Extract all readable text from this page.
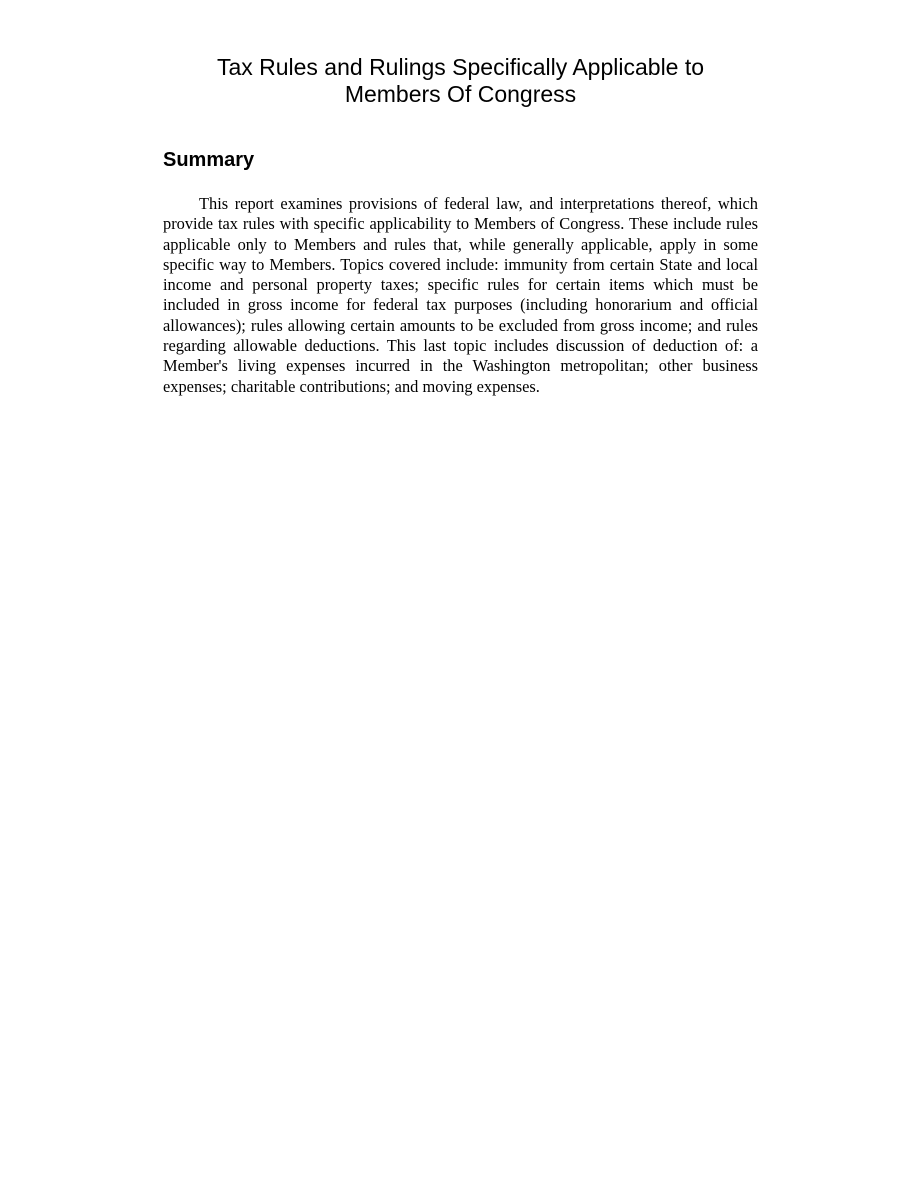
Tax Rules and Rulings Specifically Applicable to
Members Of Congress
Summary

This report examines provisions of federal law, and interpretations thereof, which provide tax rules with specific applicability to Members of Congress. These include rules applicable only to Members and rules that, while generally applicable, apply in some specific way to Members. Topics covered include: immunity from certain State and local income and personal property taxes; specific rules for certain items which must be included in gross income for federal tax purposes (including honorarium and official allowances); rules allowing certain amounts to be excluded from gross income; and rules regarding allowable deductions. This last topic includes discussion of deduction of: a Member's living expenses incurred in the Washington metropolitan; other business expenses; charitable contributions; and moving expenses.
